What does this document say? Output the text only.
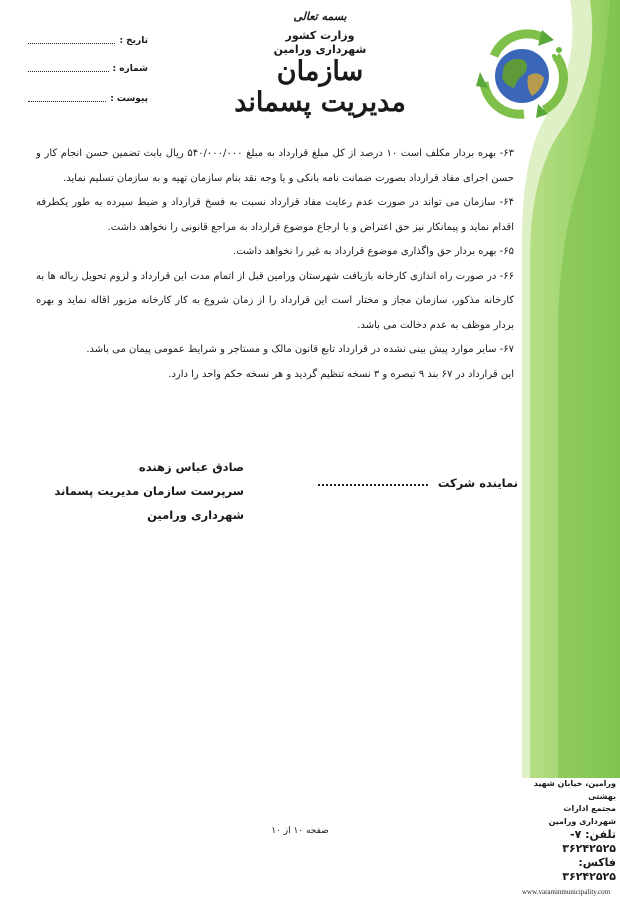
بسمه تعالی
وزارت کشور
شهرداری ورامین
سازمان مدیریت پسماند
تاریخ :
شماره :
پیوست :

۶۳- بهره بردار مکلف است ۱۰ درصد از کل مبلغ قرارداد به مبلغ ۵۴۰/۰۰۰/۰۰۰ ریال بابت تضمین حسن انجام کار و حسن اجرای مفاد قرارداد بصورت ضمانت نامه بانکی و یا وجه نقد بنام سازمان تهیه و به سازمان تسلیم نماید.

۶۴- سازمان می تواند در صورت عدم رعایت مفاد قرارداد نسبت به فسخ قرارداد و ضبط سپرده به طور یکطرفه اقدام نماید و پیمانکار نیز حق اعتراض و یا ارجاع موضوع قرارداد به مراجع قانونی را نخواهد داشت.

۶۵- بهره بردار حق واگذاری موضوع قرارداد به غیر را نخواهد داشت.

۶۶- در صورت راه اندازی کارخانه بازیافت شهرستان ورامین قبل از اتمام مدت این قرارداد و لزوم تحویل زباله ها به کارخانه مذکور، سازمان مجاز و مختار است این قرارداد را از زمان شروع به کار کارخانه مزبور اقاله نماید و بهره بردار موظف به عدم دخالت می باشد.

۶۷- سایر موارد پیش بینی نشده در قرارداد تابع قانون مالک و مستاجر و شرایط عمومی پیمان می باشد.

این قرارداد در ۶۷ بند ۹ تبصره و ۳ نسخه تنظیم گردید و هر نسخه حکم واحد را دارد.

صادق عباس زهنده
سرپرست سازمان مدیریت پسماند
شهرداری ورامین
نماینده شرکت
صفحه ۱۰ از ۱۰
ورامین، خیابان شهید بهشتی
مجتمع ادارات
شهرداری ورامین
تلفن: ۷- ۳۶۲۴۲۵۲۵
فاکس: ۳۶۲۴۲۵۲۵
www.varaminmunicipality.com
